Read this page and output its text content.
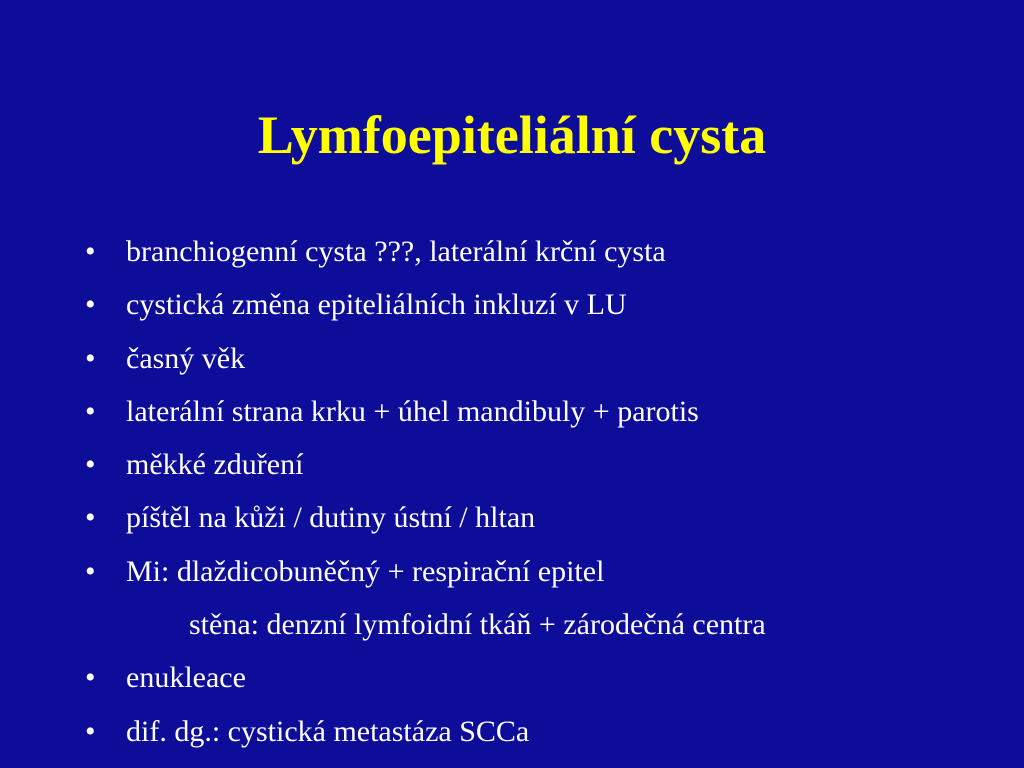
Lymfoepiteliální cysta
•	branchiogenní cysta ???, laterální krční cysta
•	cystická změna epiteliálních inkluzí v LU
•	časný věk
•	laterální strana krku + úhel mandibuly + parotis
•	měkké zduření
•	píštěl na kůži / dutiny ústní / hltan
•	Mi: dlaždicobuněčný + respirační epitel
stěna: denzní lymfoidní tkáň + zárodečná centra
•	enukleace
•	dif. dg.: cystická metastáza SCCa
